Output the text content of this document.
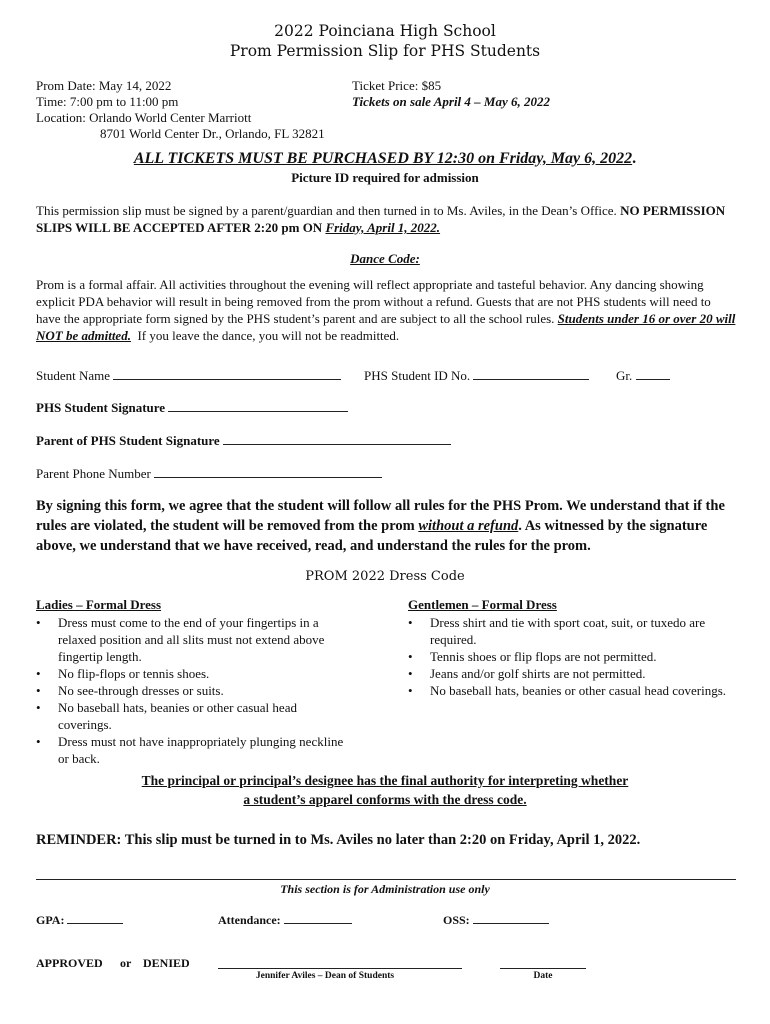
2022 Poinciana High School
Prom Permission Slip for PHS Students
Prom Date: May 14, 2022
Time: 7:00 pm to 11:00 pm
Location: Orlando World Center Marriott
8701 World Center Dr., Orlando, FL 32821
Ticket Price: $85
Tickets on sale April 4 – May 6, 2022
ALL TICKETS MUST BE PURCHASED BY 12:30 on Friday, May 6, 2022.
Picture ID required for admission
This permission slip must be signed by a parent/guardian and then turned in to Ms. Aviles, in the Dean’s Office. NO PERMISSION SLIPS WILL BE ACCEPTED AFTER 2:20 pm ON Friday, April 1, 2022.
Dance Code:
Prom is a formal affair. All activities throughout the evening will reflect appropriate and tasteful behavior. Any dancing showing explicit PDA behavior will result in being removed from the prom without a refund. Guests that are not PHS students will need to have the appropriate form signed by the PHS student’s parent and are subject to all the school rules. Students under 16 or over 20 will NOT be admitted. If you leave the dance, you will not be readmitted.
Student Name	PHS Student ID No.	Gr.
PHS Student Signature
Parent of PHS Student Signature
Parent Phone Number
By signing this form, we agree that the student will follow all rules for the PHS Prom. We understand that if the rules are violated, the student will be removed from the prom without a refund. As witnessed by the signature above, we understand that we have received, read, and understand the rules for the prom.
PROM 2022 Dress Code
Ladies – Formal Dress
• Dress must come to the end of your fingertips in a relaxed position and all slits must not extend above fingertip length.
• No flip-flops or tennis shoes.
• No see-through dresses or suits.
• No baseball hats, beanies or other casual head coverings.
• Dress must not have inappropriately plunging neckline or back.
Gentlemen – Formal Dress
• Dress shirt and tie with sport coat, suit, or tuxedo are required.
• Tennis shoes or flip flops are not permitted.
• Jeans and/or golf shirts are not permitted.
• No baseball hats, beanies or other casual head coverings.
The principal or principal’s designee has the final authority for interpreting whether
a student’s apparel conforms with the dress code.
REMINDER: This slip must be turned in to Ms. Aviles no later than 2:20 on Friday, April 1, 2022.
This section is for Administration use only
GPA:	Attendance:	OSS:
APPROVED or DENIED
Jennifer Aviles – Dean of Students	Date
